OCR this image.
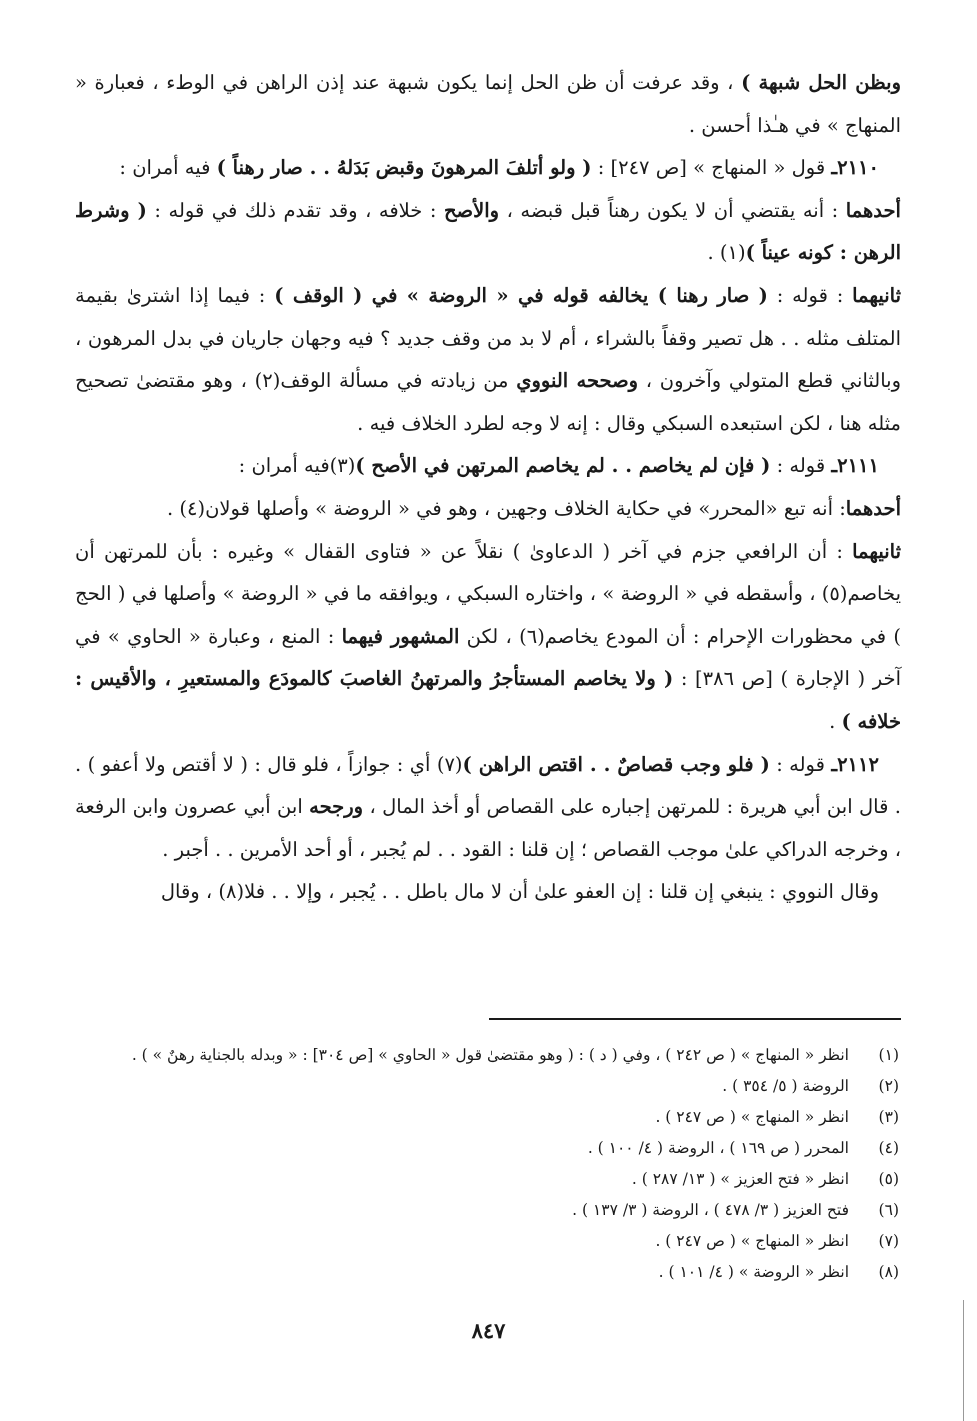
وبظن الحل شبهة ) ، وقد عرفت أن ظن الحل إنما يكون شبهة عند إذن الراهن في الوطء ، فعبارة « المنهاج » في هـٰذا أحسن .

٢١١٠ـ قول « المنهاج » [ص ٢٤٧] : ( ولو أتلفَ المرهونَ وقبض بَدَلهُ . . صار رهناً ) فيه أمران :

أحدهما : أنه يقتضي أن لا يكون رهناً قبل قبضه ، والأصح : خلافه ، وقد تقدم ذلك في قوله : ( وشرط الرهن : كونه عيناً )(١) .

ثانيهما : قوله : ( صار رهنا ) يخالفه قوله في « الروضة » في ( الوقف ) : فيما إذا اشترىٰ بقيمة المتلف مثله . . هل تصير وقفاً بالشراء ، أم لا بد من وقف جديد ؟ فيه وجهان جاريان في بدل المرهون ، وبالثاني قطع المتولي وآخرون ، وصححه النووي من زيادته في مسألة الوقف(٢) ، وهو مقتضىٰ تصحيح مثله هنا ، لكن استبعده السبكي وقال : إنه لا وجه لطرد الخلاف فيه .

٢١١١ـ قوله : ( فإن لم يخاصم . . لم يخاصم المرتهن في الأصح )(٣)فيه أمران :

أحدهما: أنه تبع «المحرر» في حكاية الخلاف وجهين ، وهو في « الروضة » وأصلها قولان(٤) .

ثانيهما : أن الرافعي جزم في آخر ( الدعاوىٰ ) نقلاً عن « فتاوى القفال » وغيره : بأن للمرتهن أن يخاصم(٥) ، وأسقطه في « الروضة » ، واختاره السبكي ، ويوافقه ما في « الروضة » وأصلها في ( الحج ) في محظورات الإحرام : أن المودع يخاصم(٦) ، لكن المشهور فيهما : المنع ، وعبارة « الحاوي » في آخر ( الإجارة ) [ص ٣٨٦] : ( ولا يخاصم المستأجرُ والمرتهنُ الغاصبَ كالمودَع والمستعيرِ ، والأقيس : خلافه ) .

٢١١٢ـ قوله : ( فلو وجب قصاصٌ . . اقتص الراهن )(٧) أي : جوازاً ، فلو قال : ( لا أقتص ولا أعفو ) . . قال ابن أبي هريرة : للمرتهن إجباره على القصاص أو أخذ المال ، ورجحه ابن أبي عصرون وابن الرفعة ، وخرجه الدراكي علىٰ موجب القصاص ؛ إن قلنا : القود . . لم يُجبر ، أو أحد الأمرين . . أجبر .

وقال النووي : ينبغي إن قلنا : إن العفو علىٰ أن لا مال باطل . . يُجبر ، وإلا . . فلا(٨) ، وقال

(١)
انظر « المنهاج » ( ص ٢٤٢ ) ، وفي ( د ) : ( وهو مقتضىٰ قول « الحاوي » [ص ٣٠٤] : « وبدله بالجناية رهنٌ » ) .
(٢)
الروضة ( ٥/ ٣٥٤ ) .
(٣)
انظر « المنهاج » ( ص ٢٤٧ ) .
(٤)
المحرر ( ص ١٦٩ ) ، الروضة ( ٤/ ١٠٠ ) .
(٥)
انظر « فتح العزيز » ( ١٣/ ٢٨٧ ) .
(٦)
فتح العزيز ( ٣/ ٤٧٨ ) ، الروضة ( ٣/ ١٣٧ ) .
(٧)
انظر « المنهاج » ( ص ٢٤٧ ) .
(٨)
انظر « الروضة » ( ٤/ ١٠١ ) .
٨٤٧
